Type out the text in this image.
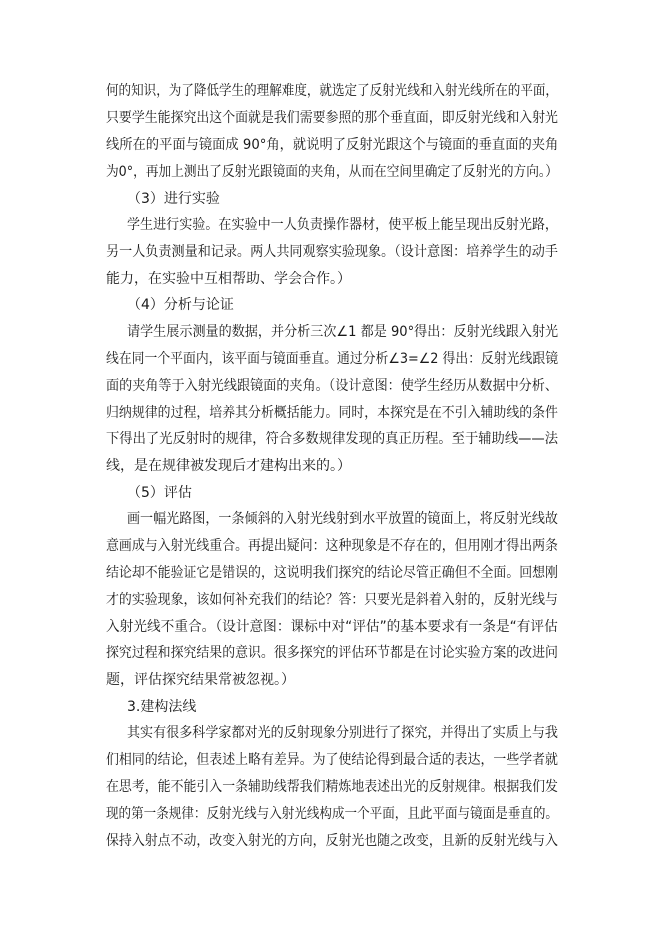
何的知识，为了降低学生的理解难度，就选定了反射光线和入射光线所在的平面，
只要学生能探究出这个面就是我们需要参照的那个垂直面，即反射光线和入射光
线所在的平面与镜面成 90°角，就说明了反射光跟这个与镜面的垂直面的夹角
为0°，再加上测出了反射光跟镜面的夹角，从而在空间里确定了反射光的方向。）
（3）进行实验
学生进行实验。在实验中一人负责操作器材，使平板上能呈现出反射光路，
另一人负责测量和记录。两人共同观察实验现象。（设计意图：培养学生的动手
能力，在实验中互相帮助、学会合作。）
（4）分析与论证
请学生展示测量的数据，并分析三次∠1 都是 90°得出：反射光线跟入射光
线在同一个平面内，该平面与镜面垂直。通过分析∠3=∠2 得出：反射光线跟镜
面的夹角等于入射光线跟镜面的夹角。（设计意图：使学生经历从数据中分析、
归纳规律的过程，培养其分析概括能力。同时，本探究是在不引入辅助线的条件
下得出了光反射时的规律，符合多数规律发现的真正历程。至于辅助线——法
线，是在规律被发现后才建构出来的。）
（5）评估
画一幅光路图，一条倾斜的入射光线射到水平放置的镜面上，将反射光线故
意画成与入射光线重合。再提出疑问：这种现象是不存在的，但用刚才得出两条
结论却不能验证它是错误的，这说明我们探究的结论尽管正确但不全面。回想刚
才的实验现象，该如何补充我们的结论？答：只要光是斜着入射的，反射光线与
入射光线不重合。（设计意图：课标中对“评估”的基本要求有一条是“有评估
探究过程和探究结果的意识。很多探究的评估环节都是在讨论实验方案的改进问
题，评估探究结果常被忽视。）
3.建构法线
其实有很多科学家都对光的反射现象分别进行了探究，并得出了实质上与我
们相同的结论，但表述上略有差异。为了使结论得到最合适的表达，一些学者就
在思考，能不能引入一条辅助线帮我们精炼地表述出光的反射规律。根据我们发
现的第一条规律：反射光线与入射光线构成一个平面，且此平面与镜面是垂直的。
保持入射点不动，改变入射光的方向，反射光也随之改变，且新的反射光线与入
